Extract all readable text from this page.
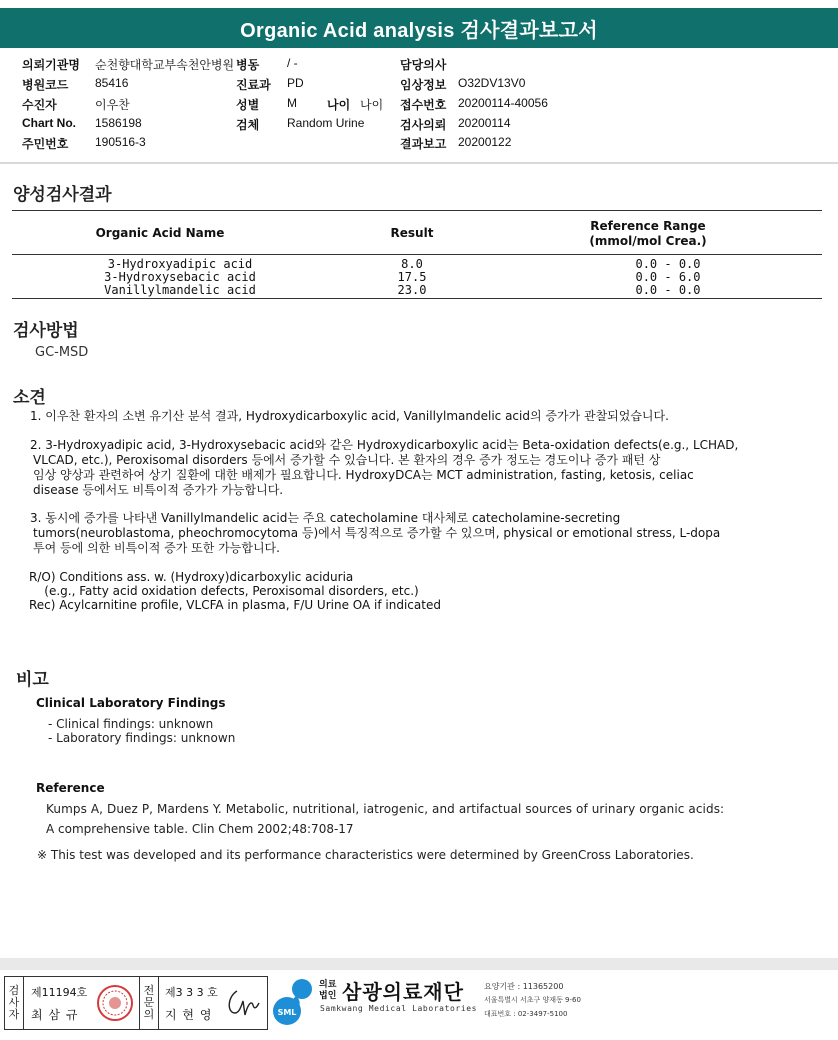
Organic Acid analysis 검사결과보고서
의뢰기관명 순천향대학교부속천안병원 병동 / -	담당의사
병원코드 85416	진료과 PD	임상정보 O32DV13V0
수진자	이우찬	성별 M	나이 나이 접수번호 20200114-40056
Chart No. 1586198	검체 Random Urine	검사의뢰 20200114
주민번호 190516-3	결과보고 20200122
양성검사결과
Organic Acid Name	Result	Reference Range
(mmol/mol Crea.)
3-Hydroxyadipic acid	8.0	0.0 - 0.0
3-Hydroxysebacic acid	17.5	0.0 - 6.0
Vanillylmandelic acid	23.0	0.0 - 0.0
검사방법
GC-MSD
소견
1. 이우찬 환자의 소변 유기산 분석 결과, Hydroxydicarboxylic acid, Vanillylmandelic acid의 증가가 관찰되었습니다.
2. 3-Hydroxyadipic acid, 3-Hydroxysebacic acid와 같은 Hydroxydicarboxylic acid는 Beta-oxidation defects(e.g., LCHAD,
VLCAD, etc.), Peroxisomal disorders 등에서 증가할 수 있습니다. 본 환자의 경우 증가 정도는 경도이나 증가 패턴 상
임상 양상과 관련하여 상기 질환에 대한 배제가 필요합니다. HydroxyDCA는 MCT administration, fasting, ketosis, celiac
disease 등에서도 비특이적 증가가 가능합니다.
3. 동시에 증가를 나타낸 Vanillylmandelic acid는 주요 catecholamine 대사체로 catecholamine-secreting
tumors(neuroblastoma, pheochromocytoma 등)에서 특징적으로 증가할 수 있으며, physical or emotional stress, L-dopa
투여 등에 의한 비특이적 증가 또한 가능합니다.
R/O) Conditions ass. w. (Hydroxy)dicarboxylic aciduria
(e.g., Fatty acid oxidation defects, Peroxisomal disorders, etc.)
Rec) Acylcarnitine profile, VLCFA in plasma, F/U Urine OA if indicated
비고
Clinical Laboratory Findings
- Clinical findings: unknown
- Laboratory findings: unknown
Reference
Kumps A, Duez P, Mardens Y. Metabolic, nutritional, iatrogenic, and artifactual sources of urinary organic acids:
A comprehensive table. Clin Chem 2002;48:708-17
※ This test was developed and its performance characteristics were determined by GreenCross Laboratories.
검사자
제11194호
최 삼 규
전문의
제3 3 3 호
지 현 영	SML
의료법인 삼광의료재단
Samkwang Medical Laboratories
요양기관 : 11365200
서울특별시 서초구 양재동 9-60
대표번호 : 02-3497-5100
